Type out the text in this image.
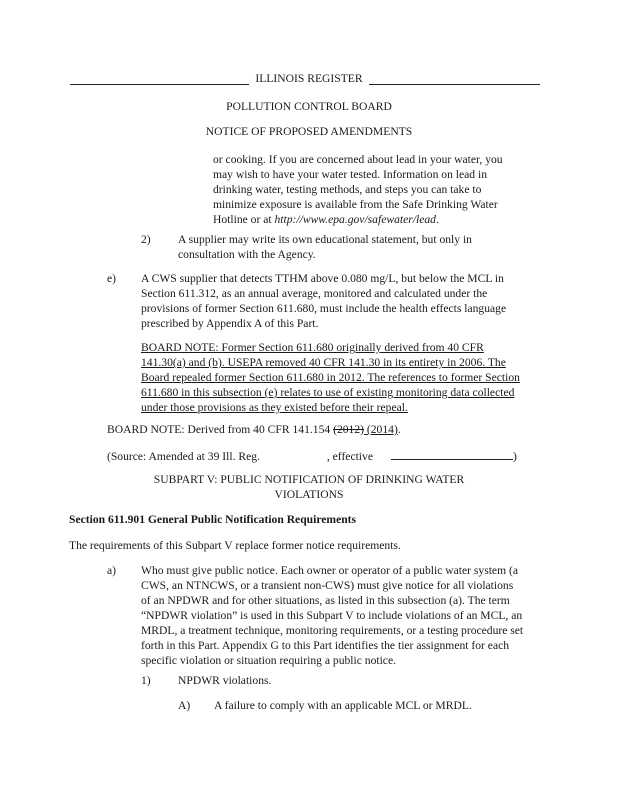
ILLINOIS REGISTER
POLLUTION CONTROL BOARD
NOTICE OF PROPOSED AMENDMENTS
or cooking. If you are concerned about lead in your water, you
may wish to have your water tested. Information on lead in
drinking water, testing methods, and steps you can take to
minimize exposure is available from the Safe Drinking Water
Hotline or at http://www.epa.gov/safewater/lead.
2) A supplier may write its own educational statement, but only in
consultation with the Agency.
e) A CWS supplier that detects TTHM above 0.080 mg/L, but below the MCL in
Section 611.312, as an annual average, monitored and calculated under the
provisions of former Section 611.680, must include the health effects language
prescribed by Appendix A of this Part.
BOARD NOTE: Former Section 611.680 originally derived from 40 CFR
141.30(a) and (b). USEPA removed 40 CFR 141.30 in its entirety in 2006. The
Board repealed former Section 611.680 in 2012. The references to former Section
611.680 in this subsection (e) relates to use of existing monitoring data collected
under those provisions as they existed before their repeal.
BOARD NOTE: Derived from 40 CFR 141.154 (2012) (2014).
(Source: Amended at 39 Ill. Reg.	, effective	)
SUBPART V: PUBLIC NOTIFICATION OF DRINKING WATER
VIOLATIONS
Section 611.901 General Public Notification Requirements
The requirements of this Subpart V replace former notice requirements.
a) Who must give public notice. Each owner or operator of a public water system (a
CWS, an NTNCWS, or a transient non-CWS) must give notice for all violations
of an NPDWR and for other situations, as listed in this subsection (a). The term
“NPDWR violation” is used in this Subpart V to include violations of an MCL, an
MRDL, a treatment technique, monitoring requirements, or a testing procedure set
forth in this Part. Appendix G to this Part identifies the tier assignment for each
specific violation or situation requiring a public notice.
1) NPDWR violations.
A) A failure to comply with an applicable MCL or MRDL.
